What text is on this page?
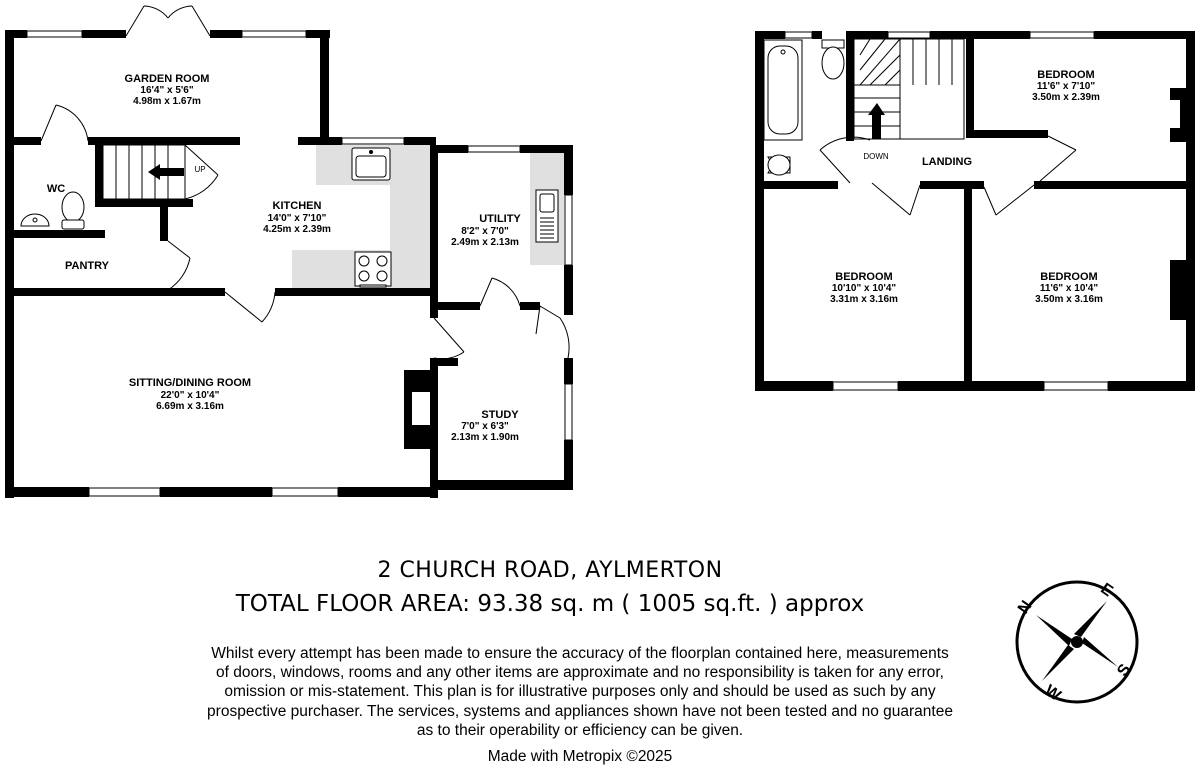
GARDEN ROOM
16'4" x 5'6"
4.98m x 1.67m
WC
KITCHEN
14'0" x 7'10"
4.25m x 2.39m
UTILITY
8'2" x 7'0"
2.49m x 2.13m
PANTRY
SITTING/DINING ROOM
22'0" x 10'4"
6.69m x 3.16m
STUDY
7'0" x 6'3"
2.13m x 1.90m
UP
BEDROOM
11'6" x 7'10"
3.50m x 2.39m
LANDING
DOWN
BEDROOM
10'10" x 10'4"
3.31m x 3.16m
BEDROOM
11'6" x 10'4"
3.50m x 3.16m
2 CHURCH ROAD, AYLMERTON
TOTAL FLOOR AREA: 93.38 sq. m ( 1005 sq.ft. ) approx
Whilst every attempt has been made to ensure the accuracy of the floorplan contained here, measurements
of doors, windows, rooms and any other items are approximate and no responsibility is taken for any error,
omission or mis-statement. This plan is for illustrative purposes only and should be used as such by any
prospective purchaser. The services, systems and appliances shown have not been tested and no guarantee
as to their operability or efficiency can be given.
Made with Metropix ©2025
N
E
S
W
